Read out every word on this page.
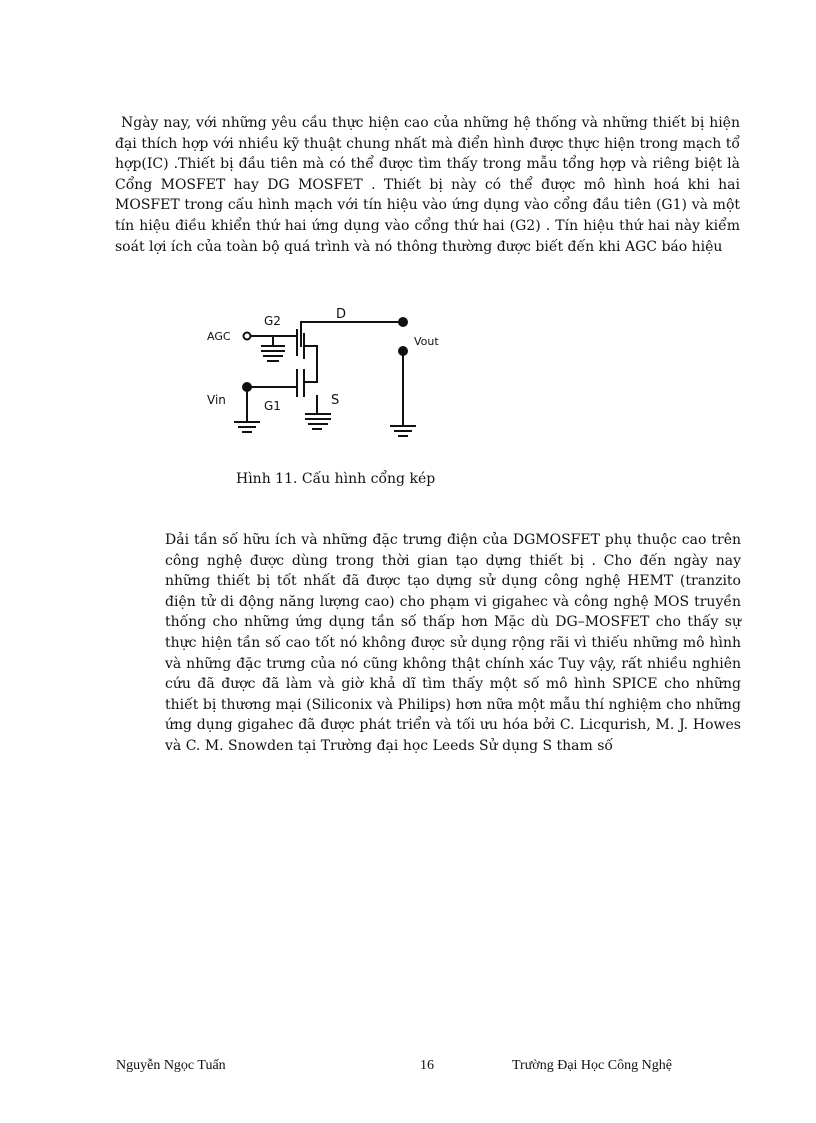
Ngày nay, với những yêu cầu thực hiện cao của những hệ thống và những thiết bị hiện đại thích hợp với nhiều kỹ thuật chung nhất mà điển hình được thực hiện trong mạch tổ hợp(IC) .Thiết bị đầu tiên mà có thể được tìm thấy trong mẫu tổng hợp và riêng biệt là Cổng MOSFET hay DG MOSFET . Thiết bị này có thể được mô hình hoá khi hai MOSFET trong cấu hình mạch với tín hiệu vào ứng dụng vào cổng đầu tiên (G1) và một tín hiệu điều khiển thứ hai ứng dụng vào cổng thứ hai (G2) . Tín hiệu thứ hai này kiểm soát lợi ích của toàn bộ quá trình và nó thông thường được biết đến khi AGC báo hiệu

AGC
G2	D
Vout
Vin	G1	S

Hình 11. Cấu hình cổng kép

Dải tần số hữu ích và những đặc trưng điện của DGMOSFET phụ thuộc cao trên công nghệ được dùng trong thời gian tạo dựng thiết bị . Cho đến ngày nay những thiết bị tốt nhất đã được tạo dựng sử dụng công nghệ HEMT (tranzito điện tử di động năng lượng cao) cho phạm vi gigahec và công nghệ MOS truyền thống cho những ứng dụng tần số thấp hơn Mặc dù DG–MOSFET cho thấy sự thực hiện tần số cao tốt nó không được sử dụng rộng rãi vì thiếu những mô hình và những đặc trưng của nó cũng không thật chính xác Tuy vậy, rất nhiều nghiên cứu đã được đã làm và giờ khả dĩ tìm thấy một số mô hình SPICE cho những thiết bị thương mại (Siliconix và Philips) hơn nữa một mẫu thí nghiệm cho những ứng dụng gigahec đã được phát triển và tối ưu hóa bởi C. Licqurish, M. J. Howes và C. M. Snowden tại Trường đại học Leeds Sử dụng S tham số

Nguyễn Ngọc Tuấn	16	Trường Đại Học Công Nghệ
